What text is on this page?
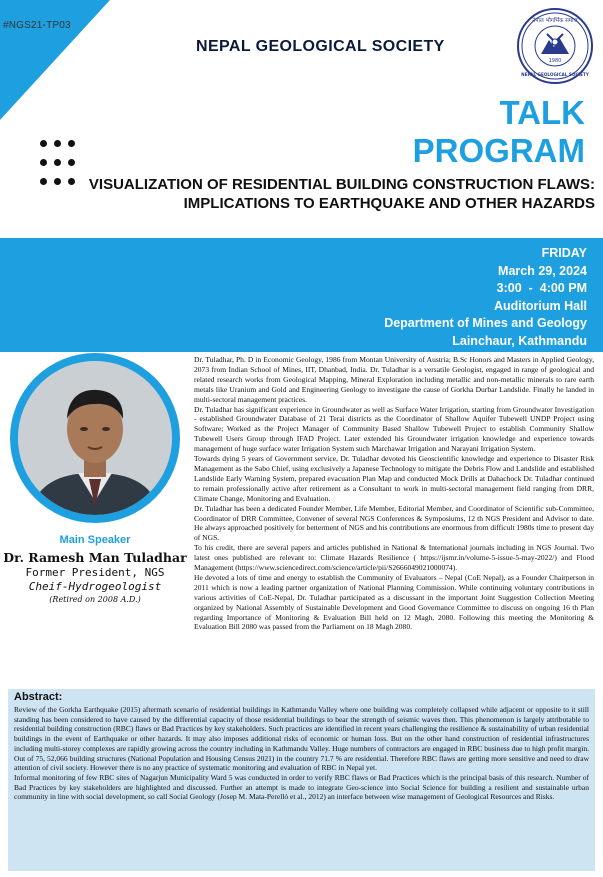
#NGS21-TP03	नेपाल भौगर्भिक समाज
NEPAL GEOLOGICAL SOCIETY
1980
NEPAL GEOLOGICAL SOCIETY
TALK
PROGRAM
VISUALIZATION OF RESIDENTIAL BUILDING CONSTRUCTION FLAWS:
IMPLICATIONS TO EARTHQUAKE AND OTHER HAZARDS
FRIDAY
March 29, 2024
3:00  -  4:00 PM
Auditorium Hall
Department of Mines and Geology
Lainchaur, Kathmandu
Main Speaker
Dr. Ramesh Man Tuladhar
Former President, NGS
Cheif-Hydrogeologist
(Retired on 2008 A.D.)

Dr. Tuladhar, Ph. D in Economic Geology, 1986 from Montan University of Austria; B.Sc Honors and Masters in Applied Geology, 2073 from Indian School of Mines, IIT, Dhanbad, India. Dr. Tuladhar is a versatile Geologist, engaged in range of geological and related research works from Geological Mapping, Mineral Exploration including metallic and non-metallic minerals to rare earth metals like Uranium and Gold and Engineering Geology to investigate the cause of Gorkha Durbar Landslide. Finally he landed in multi-sectoral management practices.

Dr. Tuladhar has significant experience in Groundwater as well as Surface Water Irrigation, starting from Groundwater Investigation - established Groundwater Database of 21 Terai districts as the Coordinator of Shallow Aquifer Tubewell UNDP Project using Software; Worked as the Project Manager of Community Based Shallow Tubewell Project to establish Community Shallow Tubewell Users Group through IFAD Project. Later extended his Groundwater irrigation knowledge and experience towards management of huge surface water Irrigation System such Marchawar Irrigation and Narayani Irrigation System.

Towards dying 5 years of Government service, Dr. Tuladhar devoted his Geoscientific knowledge and experience to Disaster Risk Management as the Sabo Chief, using exclusively a Japanese Technology to mitigate the Debris Flow and Landslide and established Landslide Early Warning System, prepared evacuation Plan Map and conducted Mock Drills at Dahachock Dr. Tuladhar continued to remain professionally active after retirement as a Consultant to work in multi-sectoral management field ranging from DRR, Climate Change, Monitoring and Evaluation.

Dr. Tuladhar has been a dedicated Founder Member, Life Member, Editorial Member, and Coordinator of Scientific sub-Committee, Coordinator of DRR Committee, Convener of several NGS Conferences & Symposiums, 12 th NGS President and Advisor to date. He always approached positively for betterment of NGS and his contributions are enormous from difficult 1980s time to present day of NGS.

To his credit, there are several papers and articles published in National & International journals including in NGS Journal. Two latest ones published are relevant to: Climate Hazards Resilience ( https://ijsmr.in/volume-5-issue-5-may-2022/) and Flood Management (https://www.sciencedirect.com/science/article/pii/S2666049021000074).

He devoted a lots of time and energy to establish the Community of Evaluators – Nepal (CoE Nepal), as a Founder Chairperson in 2011 which is now a leading partner organization of National Planning Commission. While continuing voluntary contributions in various activities of CoE-Nepal, Dr. Tuladhar participated as a discussant in the important Joint Suggestion Collection Meeting organized by National Assembly of Sustainable Development and Good Governance Committee to discuss on ongoing 16 th Plan regarding Importance of Monitoring & Evaluation Bill held on 12 Magh, 2080. Following this meeting the Monitoring & Evaluation Bill 2080 was passed from the Parliament on 18 Magh 2080.

Abstract:

Review of the Gorkha Earthquake (2015) aftermath scenario of residential buildings in Kathmandu Valley where one building was completely collapsed while adjacent or opposite to it still standing has been considered to have caused by the differential capacity of those residential buildings to bear the strength of seismic waves then. This phenomenon is largely attributable to residential building construction (RBC) flaws or Bad Practices by key stakeholders. Such practices are identified in recent years challenging the resilience & sustainability of urban residential buildings in the event of Earthquake or other hazards. It may also imposes additional risks of economic or human loss. But on the other hand construction of residential infrastructures including multi-storey complexes are rapidly growing across the country including in Kathmandu Valley. Huge numbers of contractors are engaged in RBC business due to high profit margin. Out of 75, 52,066 building structures (National Population and Housing Census 2021) in the country 71.7 % are residential. Therefore RBC flaws are getting more sensitive and need to draw attention of civil society. However there is no any practice of systematic monitoring and evaluation of RBC in Nepal yet.

Informal monitoring of few RBC sites of Nagarjun Municipality Ward 5 was conducted in order to verify RBC flaws or Bad Practices which is the principal basis of this research. Number of Bad Practices by key stakeholders are highlighted and discussed. Further an attempt is made to integrate Geo-science into Social Science for building a resilient and sustainable urban community in line with social development, so call Social Geology (Josep M. Mata-Perelló et al., 2012) an interface between wise management of Geological Resources and Risks.
